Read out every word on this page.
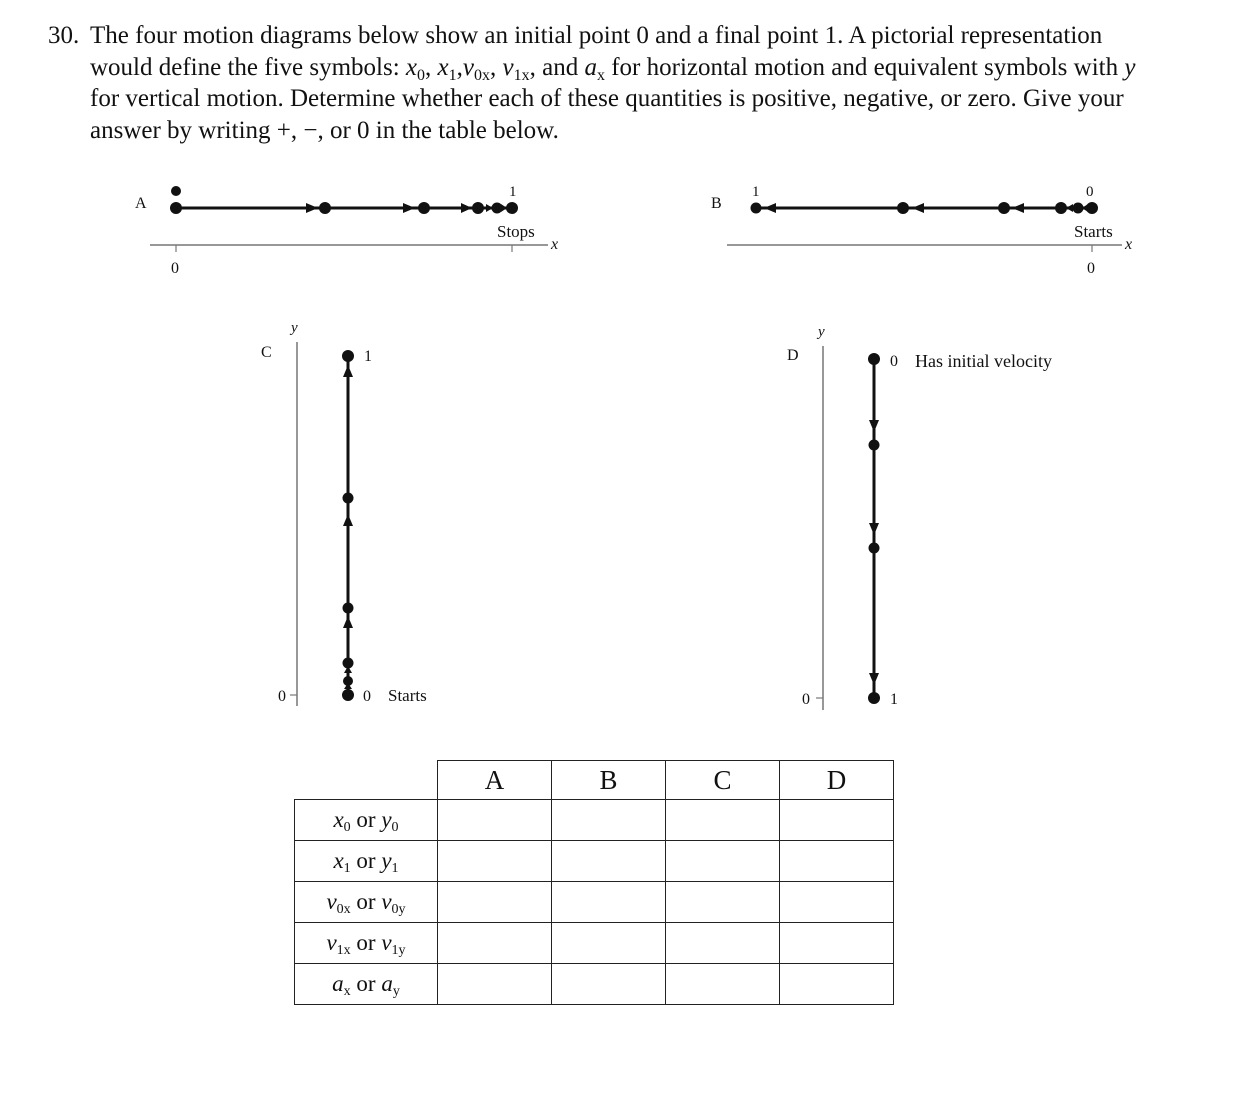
30. The four motion diagrams below show an initial point 0 and a final point 1. A pictorial representation
would define the five symbols: $x_0$, $x_1,v_{0x}$, $v_{1x}$, and $a_x$ for horizontal motion and equivalent symbols with y
for vertical motion. Determine whether each of these quantities is positive, negative, or zero. Give your
answer by writing +, −, or 0 in the table below.
A
1
Stops
x
0
B
1	0
Starts
x
0
C
y
0
1
0 Starts
D
y
0
0 Has initial velocity
1
	A	B	C	D
$x_0$ or $y_0$				
$x_1$ or $y_1$				
$v_{0x}$ or $v_{0y}$				
$v_{1x}$ or $v_{1y}$				
$a_x$ or $a_y$				
